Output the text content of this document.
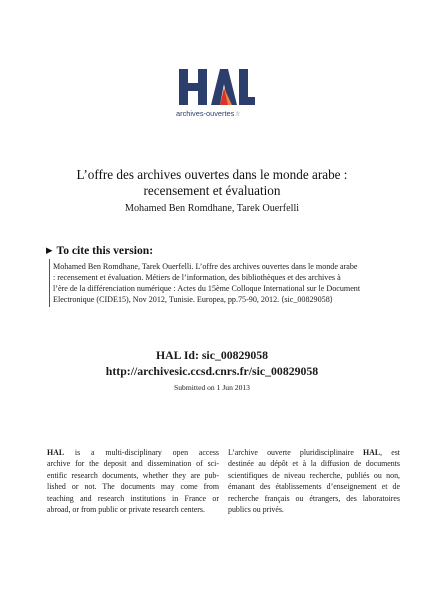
archives-ouvertes.fr
L’offre des archives ouvertes dans le monde arabe :
recensement et évaluation
Mohamed Ben Romdhane, Tarek Ouerfelli
▶ To cite this version:
Mohamed Ben Romdhane, Tarek Ouerfelli. L’offre des archives ouvertes dans le monde arabe
: recensement et évaluation. Métiers de l’information, des bibliothèques et des archives à
l’ère de la différenciation numérique : Actes du 15ème Colloque International sur le Document
Electronique (CIDE15), Nov 2012, Tunisie. Europea, pp.75-90, 2012. ⟨sic_00829058⟩
HAL Id: sic_00829058
http://archivesic.ccsd.cnrs.fr/sic_00829058
Submitted on 1 Jun 2013
HAL is a multi-disciplinary open access
archive for the deposit and dissemination of sci-
entific research documents, whether they are pub-
lished or not. The documents may come from
teaching and research institutions in France or
abroad, or from public or private research centers.
L’archive ouverte pluridisciplinaire HAL, est
destinée au dépôt et à la diffusion de documents
scientifiques de niveau recherche, publiés ou non,
émanant des établissements d’enseignement et de
recherche français ou étrangers, des laboratoires
publics ou privés.
